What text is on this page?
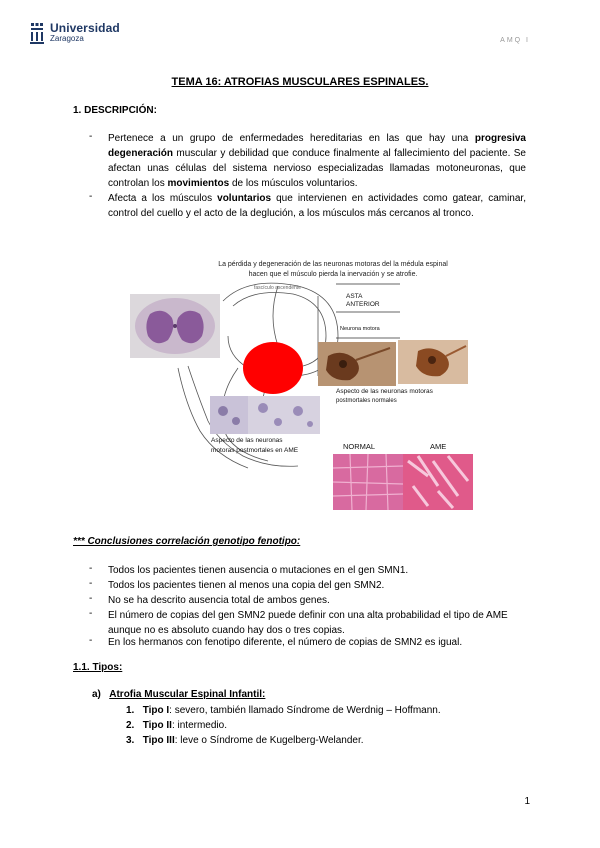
Universidad
Zaragoza	AMQ I
TEMA 16: ATROFIAS MUSCULARES ESPINALES.
1. DESCRIPCIÓN:
- Pertenece a un grupo de enfermedades hereditarias en las que hay una progresiva degeneración muscular y debilidad que conduce finalmente al fallecimiento del paciente. Se afectan unas células del sistema nervioso especializadas llamadas motoneuronas, que controlan los movimientos de los músculos voluntarios.
- Afecta a los músculos voluntarios que intervienen en actividades como gatear, caminar, control del cuello y el acto de la deglución, a los músculos más cercanos al tronco.
La pérdida y degeneración de las neuronas motoras del la médula espinal
hacen que el músculo pierda la inervación y se atrofie.
fascículo ascendente
ASTA
ANTERIOR
Neurona motora
Aspecto de las neuronas motoras
postmortales normales
Aspecto de las neuronas
motoras postmortales en AME	NORMAL	AME
*** Conclusiones correlación genotipo fenotipo:
- Todos los pacientes tienen ausencia o mutaciones en el gen SMN1.
- Todos los pacientes tienen al menos una copia del gen SMN2.
- No se ha descrito ausencia total de ambos genes.
- El número de copias del gen SMN2 puede definir con una alta probabilidad el tipo de AME aunque no es absoluto cuando hay dos o tres copias.
- En los hermanos con fenotipo diferente, el número de copias de SMN2 es igual.
1.1. Tipos:
a) Atrofia Muscular Espinal Infantil:
1. Tipo I: severo, también llamado Síndrome de Werdnig – Hoffmann.
2. Tipo II: intermedio.
3. Tipo III: leve o Síndrome de Kugelberg-Welander.
1
